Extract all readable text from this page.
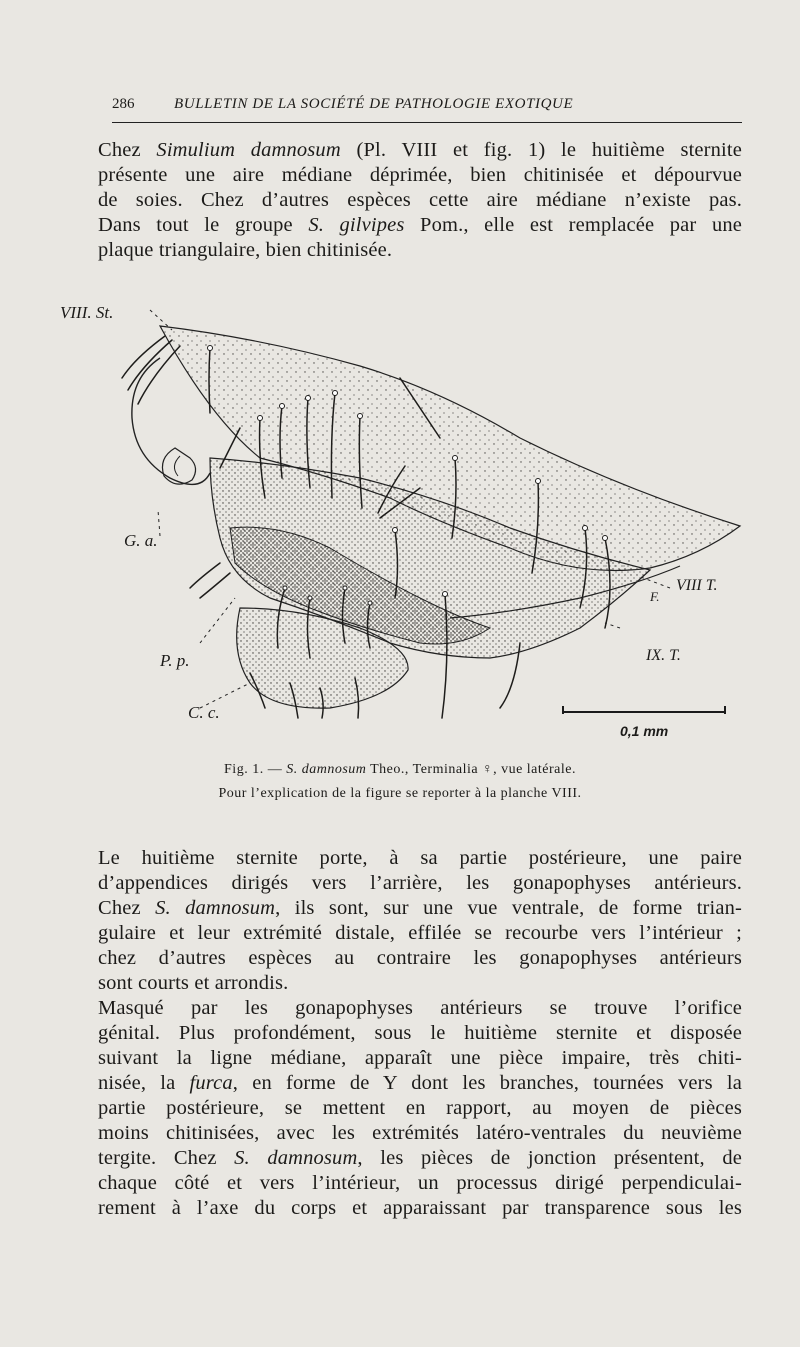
286	BULLETIN DE LA SOCIÉTÉ DE PATHOLOGIE EXOTIQUE
Chez Simulium damnosum (Pl. VIII et fig. 1) le huitième sternite
présente une aire médiane déprimée, bien chitinisée et dépourvue
de soies. Chez d’autres espèces cette aire médiane n’existe pas.
Dans tout le groupe S. gilvipes Pom., elle est remplacée par une
plaque triangulaire, bien chitinisée.
VIII. St.
G. a.
P. p.
C. c.
F.
VIII T.
IX. T.
0,1 mm
Fig. 1. — S. damnosum Theo., Terminalia ♀, vue latérale.
Pour l’explication de la figure se reporter à la planche VIII.
Le huitième sternite porte, à sa partie postérieure, une paire
d’appendices dirigés vers l’arrière, les gonapophyses antérieurs.
Chez S. damnosum, ils sont, sur une vue ventrale, de forme trian-
gulaire et leur extrémité distale, effilée se recourbe vers l’intérieur ;
chez d’autres espèces au contraire les gonapophyses antérieurs
sont courts et arrondis.
Masqué par les gonapophyses antérieurs se trouve l’orifice
génital. Plus profondément, sous le huitième sternite et disposée
suivant la ligne médiane, apparaît une pièce impaire, très chiti-
nisée, la furca, en forme de Y dont les branches, tournées vers la
partie postérieure, se mettent en rapport, au moyen de pièces
moins chitinisées, avec les extrémités latéro-ventrales du neuvième
tergite. Chez S. damnosum, les pièces de jonction présentent, de
chaque côté et vers l’intérieur, un processus dirigé perpendiculai-
rement à l’axe du corps et apparaissant par transparence sous les
